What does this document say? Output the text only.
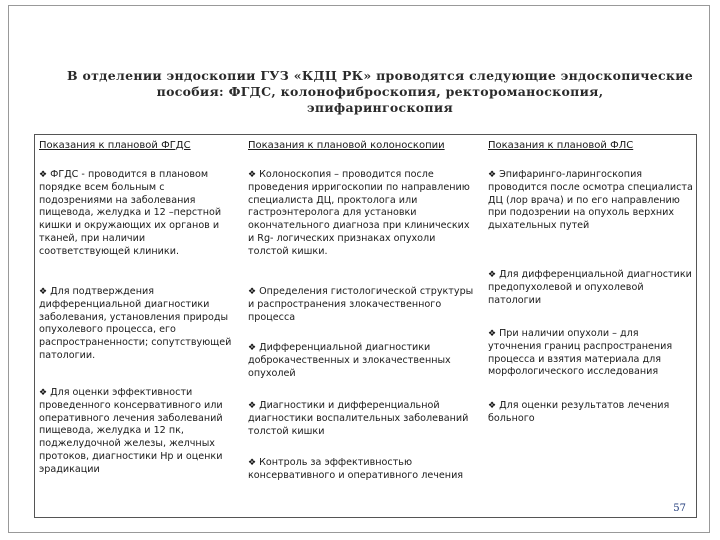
В отделении эндоскопии ГУЗ «КДЦ РК» проводятся следующие эндоскопические
пособия: ФГДС, колонофиброскопия, ректороманоскопия,
эпифарингоскопия
Показания к плановой ФГДС
❖ ФГДС - проводится в плановом порядке всем больным с подозрениями на заболевания пищевода, желудка и 12 –перстной кишки и окружающих их органов и тканей, при наличии соответствующей клиники.
❖ Для подтверждения дифференциальной диагностики заболевания, установления природы опухолевого процесса, его распространенности; сопутствующей патологии.
❖ Для оценки эффективности проведенного консервативного или оперативного лечения заболеваний пищевода, желудка и 12 пк, поджелудочной железы, желчных протоков, диагностики Hp и оценки эрадикации
Показания к плановой колоноскопии
❖ Колоноскопия – проводится после проведения ирригоскопии по направлению специалиста ДЦ, проктолога или гастроэнтеролога для установки окончательного диагноза при клинических и Rg- логических признаках опухоли толстой кишки.
❖ Определения гистологической структуры и распространения злокачественного процесса
❖ Дифференциальной диагностики доброкачественных и злокачественных опухолей
❖ Диагностики и дифференциальной диагностики воспалительных заболеваний толстой кишки
❖ Контроль за эффективностью консервативного и оперативного лечения
Показания к плановой ФЛС
❖ Эпифаринго-ларингоскопия проводится после осмотра специалиста ДЦ (лор врача) и по его направлению при подозрении на опухоль верхних дыхательных путей
❖ Для дифференциальной диагностики предопухолевой и опухолевой патологии
❖ При наличии опухоли – для уточнения границ распространения процесса и взятия материала для морфологического исследования
❖ Для оценки результатов лечения больного
57
